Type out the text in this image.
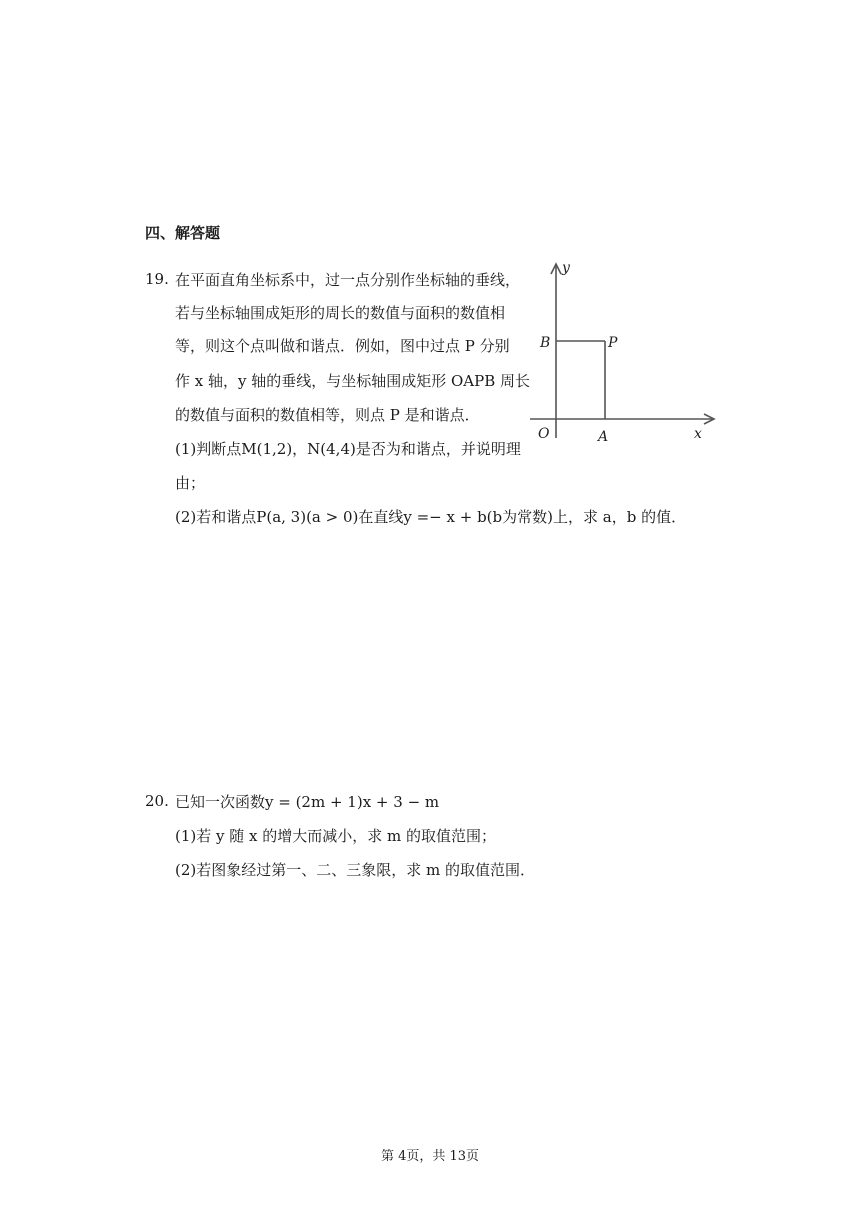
四、解答题
19. 在平面直角坐标系中，过一点分别作坐标轴的垂线，
若与坐标轴围成矩形的周长的数值与面积的数值相
等，则这个点叫做和谐点．例如，图中过点 P 分别
作 x 轴，y 轴的垂线，与坐标轴围成矩形 OAPB 周长
的数值与面积的数值相等，则点 P 是和谐点．
(1)判断点M(1,2)，N(4,4)是否为和谐点，并说明理
由；
(2)若和谐点P(a, 3)(a > 0)在直线y =− x + b(b为常数)上，求 a，b 的值．
y
x
O	A
B	P
20. 已知一次函数y = (2m + 1)x + 3 − m
(1)若 y 随 x 的增大而减小，求 m 的取值范围；
(2)若图象经过第一、二、三象限，求 m 的取值范围．
第 4页，共 13页
